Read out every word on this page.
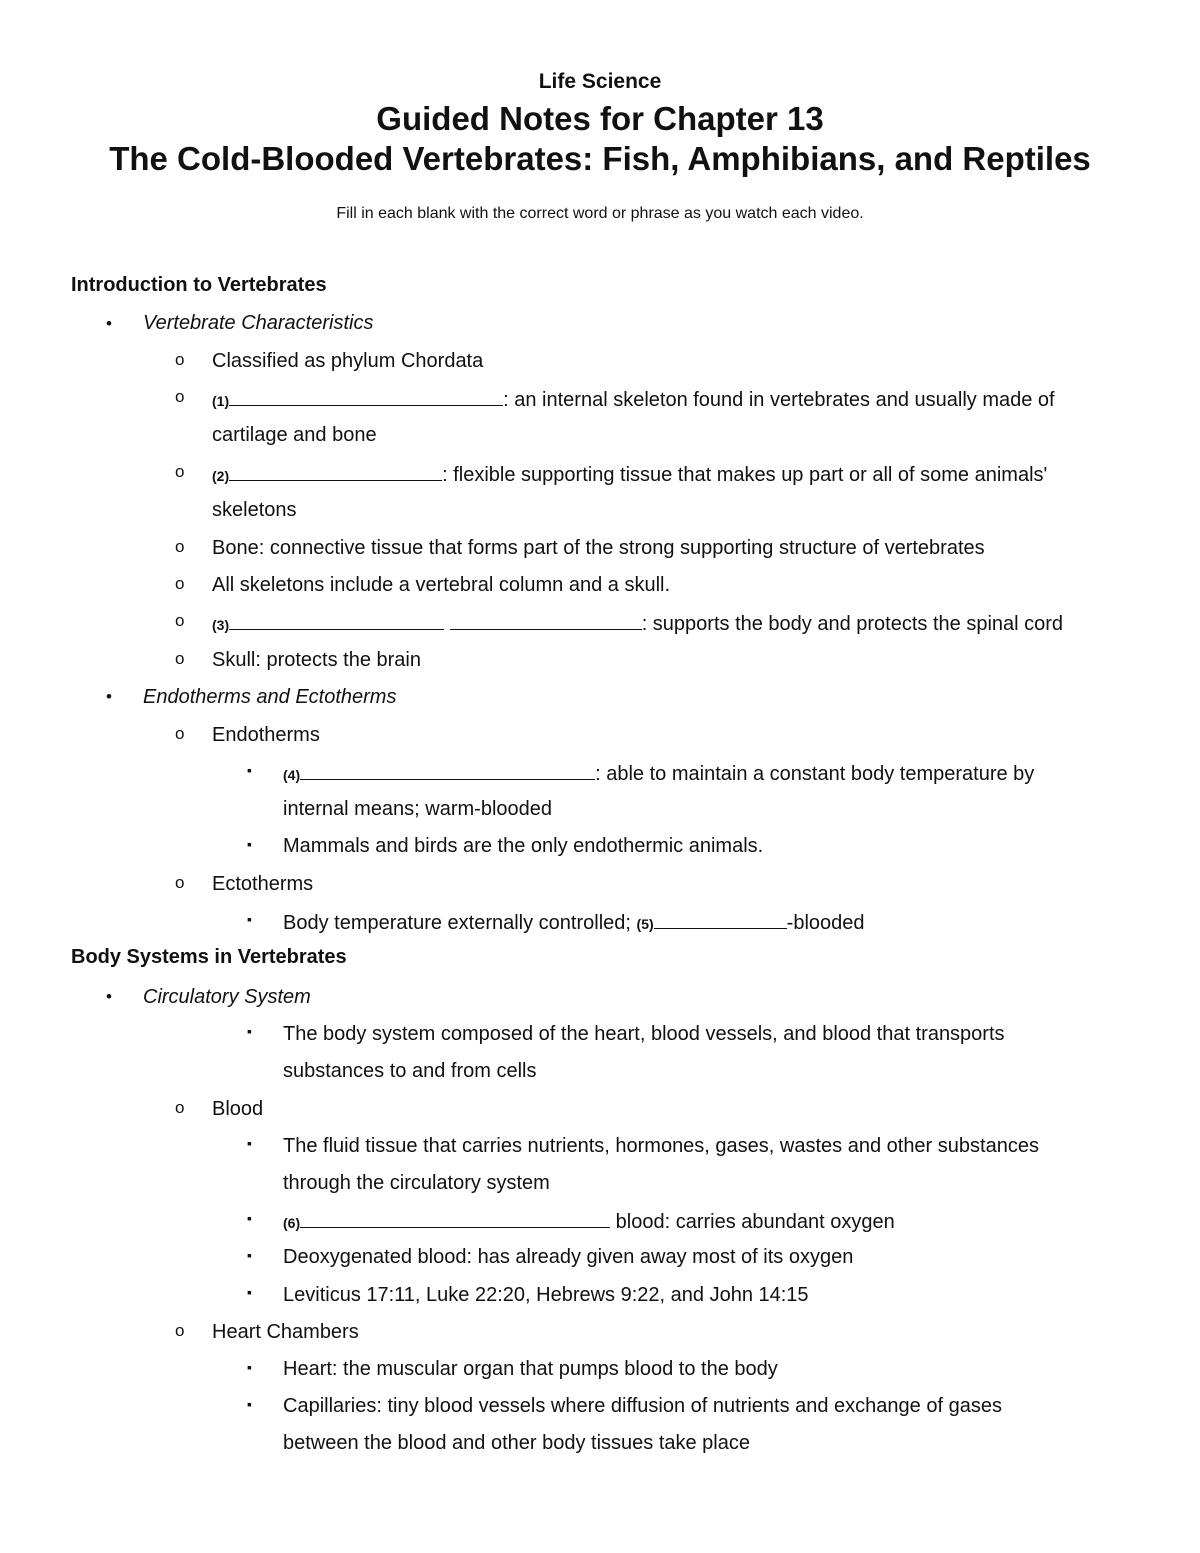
Life Science
Guided Notes for Chapter 13
The Cold-Blooded Vertebrates: Fish, Amphibians, and Reptiles
Fill in each blank with the correct word or phrase as you watch each video.
Introduction to Vertebrates
• Vertebrate Characteristics
o Classified as phylum Chordata
o (1)	: an internal skeleton found in vertebrates and usually made of
cartilage and bone
o (2)	: flexible supporting tissue that makes up part or all of some animals'
skeletons
o Bone: connective tissue that forms part of the strong supporting structure of vertebrates
o All skeletons include a vertebral column and a skull.
o (3)	: supports the body and protects the spinal cord
o Skull: protects the brain
• Endotherms and Ectotherms
o Endotherms
▪ (4)	: able to maintain a constant body temperature by
internal means; warm-blooded
▪ Mammals and birds are the only endothermic animals.
o Ectotherms
▪ Body temperature externally controlled; (5)	-blooded
Body Systems in Vertebrates
• Circulatory System
▪ The body system composed of the heart, blood vessels, and blood that transports
substances to and from cells
o Blood
▪ The fluid tissue that carries nutrients, hormones, gases, wastes and other substances
through the circulatory system
▪ (6)	blood: carries abundant oxygen
▪ Deoxygenated blood: has already given away most of its oxygen
▪ Leviticus 17:11, Luke 22:20, Hebrews 9:22, and John 14:15
o Heart Chambers
▪ Heart: the muscular organ that pumps blood to the body
▪ Capillaries: tiny blood vessels where diffusion of nutrients and exchange of gases
between the blood and other body tissues take place
